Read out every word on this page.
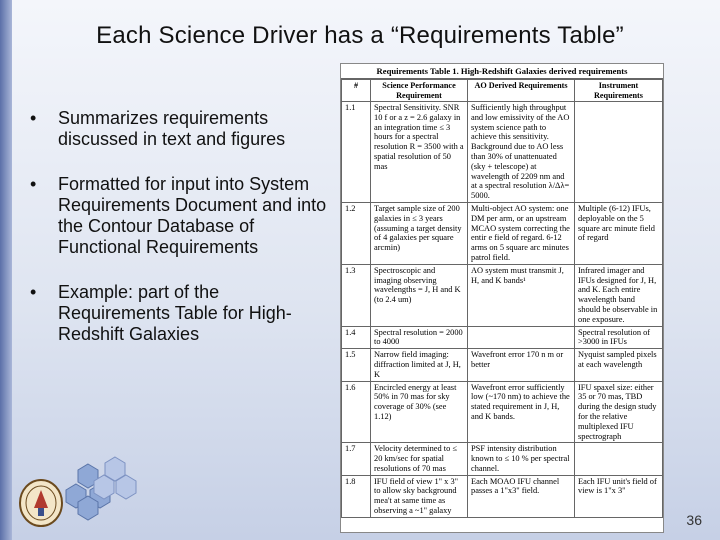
Each Science Driver has a “Requirements Table”
•	Summarizes requirements discussed in text and figures
•	Formatted for input into System Requirements Document and into the Contour Database of Functional Requirements
•	Example: part of the Requirements Table for High-Redshift Galaxies
Requirements Table 1. High-Redshift Galaxies derived requirements
#	Science Performance Requirement	AO Derived Requirements	Instrument Requirements
1.1	Spectral Sensitivity. SNR 10 f or a z = 2.6 galaxy in an integration time ≤ 3 hours for a spectral resolution R = 3500 with a spatial resolution of 50 mas	Sufficiently high throughput and low emissivity of the AO system science path to achieve this sensitivity. Background due to AO less than 30% of unattenuated (sky + telescope) at wavelength of 2209 nm and at a spectral resolution λ/Δλ= 5000.	
1.2	Target sample size of 200 galaxies in ≤ 3 years (assuming a target density of 4 galaxies per square arcmin)	Multi-object AO system: one DM per arm, or an upstream MCAO system correcting the entir e field of regard. 6-12 arms on 5 square arc minutes patrol field.	Multiple (6-12) IFUs, deployable on the 5 square arc minute field of regard
1.3	Spectroscopic and imaging observing wavelengths = J, H and K (to 2.4 um)	AO system must transmit J, H, and K bands¹	Infrared imager and IFUs designed for J, H, and K. Each entire wavelength band should be observable in one exposure.
1.4	Spectral resolution = 2000 to 4000		Spectral resolution of >3000 in IFUs
1.5	Narrow field imaging: diffraction limited at J, H, K	Wavefront error 170 n m or better	Nyquist sampled pixels at each wavelength
1.6	Encircled energy at least 50% in 70 mas for sky coverage of 30% (see 1.12)	Wavefront error sufficiently low (~170 nm) to achieve the stated requirement in J, H, and K bands.	IFU spaxel size: either 35 or 70 mas, TBD during the design study for the relative multiplexed IFU spectrograph
1.7	Velocity determined to ≤ 20 km/sec for spatial resolutions of 70 mas	PSF intensity distribution known to ≤ 10 % per spectral channel.	
1.8	IFU field of view 1" x 3" to allow sky background mea't at same time as observing a ~1" galaxy	Each MOAO IFU channel passes a 1"x3" field.	Each IFU unit's field of view is 1"x 3"
36
